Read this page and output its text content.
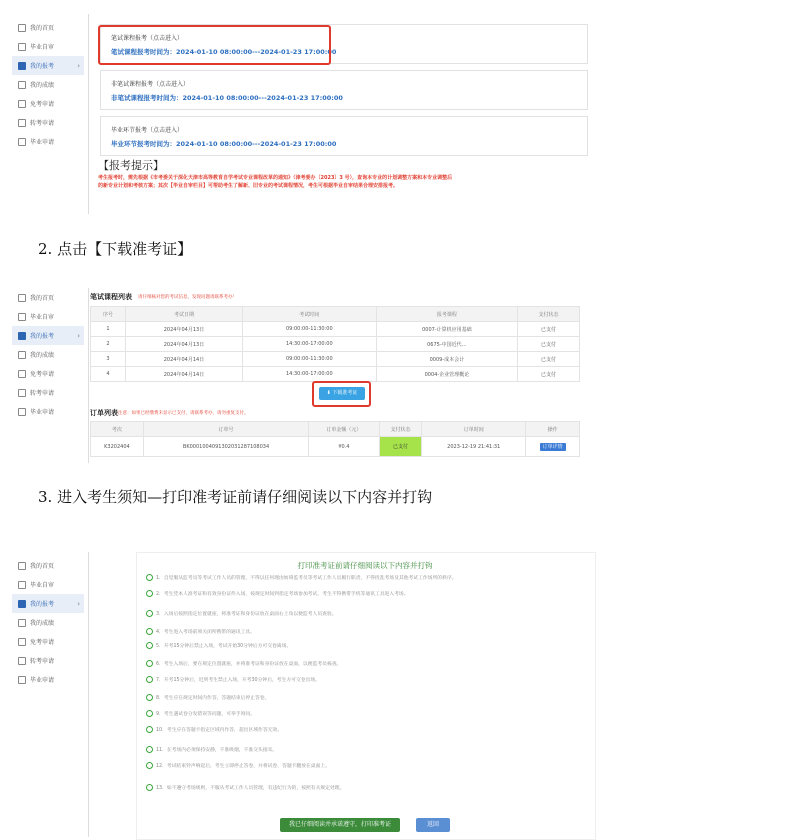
我的首页
毕业自审
我的报考	›
我的成绩
免考申请
转考申请
毕业申请
笔试课程报考（点击进入）
笔试课程报考时间为：2024-01-10 08:00:00---2024-01-23 17:00:00
非笔试课程报考（点击进入）
非笔试课程报考时间为：2024-01-10 08:00:00---2024-01-23 17:00:00
毕业环节报考（点击进入）
毕业环节报考时间为：2024-01-10 08:00:00---2024-01-23 17:00:00
【报考提示】
考生报考时，需先根据《市考委关于深化天津市高等教育自学考试专业课程改革的通知》（津考委办〔2023〕3 号），查询本专业的计划调整方案和本专业调整后
的新专业计划和考核方案；其次【毕业自审栏目】可帮助考生了解新、旧专业的考试课程情况，考生可根据毕业自审结果合理安排报考。
2. 点击【下载准考证】
我的首页
毕业自审
我的报考	›
我的成绩
免考申请
转考申请
毕业申请
笔试课程列表 请仔细核对您的考试信息，发现问题请联系考办！
序号	考试日期	考试时间	报考课程	支付状态
1	2024年04月13日	09:00:00-11:30:00	0007-计算机应用基础	已支付
2	2024年04月13日	14:30:00-17:00:00	0675-中国近代…	已支付
3	2024年04月14日	09:00:00-11:30:00	0009-成本会计	已支付
4	2024年04月14日	14:30:00-17:00:00	0004-企业管理概论	已支付
⬇ 下载准考证
订单列表 注意：如果已经缴费未显示已支付，请联系考办，请勿重复支付。
考次	订单号	订单金额（元）	支付状态	订单时间	操作
K3202404	BK0001004091302031287108034	¥0.4	已支付	2023-12-19 21:41:31	订单详情
3. 进入考生须知—打印准考证前请仔细阅读以下内容并打钩
我的首页
毕业自审
我的报考	›
我的成绩
免考申请
转考申请
毕业申请
打印准考证前请仔细阅读以下内容并打钩
1．自觉服从监考员等考试工作人员的管理，不得以任何理由妨碍监考员等考试工作人员履行职责，不得扰乱考场及其他考试工作场所的秩序。
2．考生凭本人准考证和有效身份证件入场，按规定时间到指定考场参加考试，考生不得携带手机等通讯工具进入考场。
3．入场后按照指定位置就座，将准考证和身份证放在桌面右上角以便监考人员查验。
4．考生进入考场前须关闭所携带的通讯工具。
5．开考15分钟后禁止入场，考试开始30分钟后方可交卷离场。
6．考生入场后，要在规定位置就座，并将准考证和身份证放在桌面，以便监考员核查。
7．开考15分钟后，迟到考生禁止入场，开考30分钟后，考生方可交卷出场。
8．考生应在规定时间内作答，答题结束后停止答卷。
9．考生遇试卷分发错误等问题，可举手询问。
10．考生应在答题卡指定区域内作答，超出区域作答无效。
11．在考场内必须保持安静，不准吸烟，不准交头接耳。
12．考试结束铃声响起后，考生立即停止答卷，并将试卷、答题卡翻放在桌面上。
13．如不遵守考场规则，不服从考试工作人员管理，有违纪行为的，按照有关规定处理。
我已仔细阅读并承诺遵守，打印准考证	返回
